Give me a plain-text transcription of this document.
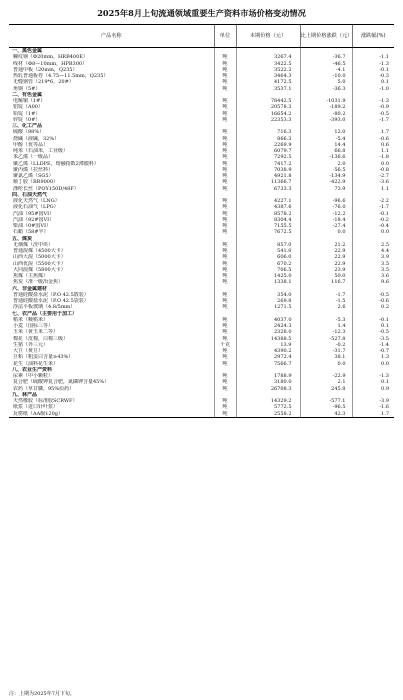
2025年8月上旬流通领域重要生产资料市场价格变动情况
产品名称	单位	本期价格（元）	比上期价格涨跌（元）	涨跌幅(%)
一、黑色金属				
螺纹钢（Φ20mm，HRB400E）	吨	3267.4	-36.7	-1.1
线材（Φ8—10mm，HPB300）	吨	3422.5	-46.5	-1.3
普通中板（20mm，Q235）	吨	3522.2	-4.1	-0.1
热轧普通板卷（4.75—11.5mm，Q235）	吨	3464.3	-10.0	-0.3
无缝钢管（219*6，20#）	吨	4172.5	5.0	0.1
角钢（5#）	吨	3537.1	-36.3	-1.0
二、有色金属				
电解铜（1#）	吨	78442.5	-1031.9	-1.3
铝锭（A00）	吨	20578.3	-189.2	-0.9
铅锭（1#）	吨	16654.2	-80.2	-0.5
锌锭（0#）	吨	22353.3	-393.0	-1.7
三、化工产品				
硫酸（98%）	吨	716.3	12.0	1.7
烧碱（液碱，32%）	吨	866.3	-5.4	-0.6
甲醇（优等品）	吨	2269.9	14.4	0.6
纯苯（石油苯，工业级）	吨	6079.7	66.8	1.1
苯乙烯（一级品）	吨	7292.5	-136.6	-1.8
聚乙烯（LLDPE，熔融指数2薄膜料）	吨	7417.2	2.0	0.0
聚丙烯（拉丝料）	吨	7038.9	-56.5	-0.8
聚氯乙烯（SG5）	吨	4921.8	-134.9	-2.7
顺丁胶（BR9000）	吨	11366.7	-422.9	-3.6
涤纶长丝（POY150D/48F）	吨	6733.3	73.9	1.1
四、石油天然气				
液化天然气（LNG）	吨	4227.1	-96.6	-2.2
液化石油气（LPG）	吨	4387.6	-76.0	-1.7
汽油（95#国VI）	吨	8578.2	-12.2	-0.1
汽油（92#国VI）	吨	8304.4	-18.4	-0.2
柴油（0#国VI）	吨	7155.5	-27.4	-0.4
石蜡（58#半）	吨	7672.5	0.0	0.0
五、煤炭				
无烟煤（洗中块）	吨	857.0	21.2	2.5
普通混煤（4500大卡）	吨	541.0	22.9	4.4
山西大混（5000大卡）	吨	606.0	22.9	3.9
山西优混（5500大卡）	吨	670.2	22.9	3.5
大同混煤（5800大卡）	吨	706.5	23.9	3.5
焦煤（主焦煤）	吨	1425.0	50.0	3.6
焦炭（准一级冶金焦）	吨	1338.1	116.7	9.6
六、非金属建材				
普通硅酸盐水泥（P.O 42.5散装）	吨	354.0	-1.7	-0.5
普通硅酸盐水泥（P.O 42.5袋装）	吨	269.8	-1.5	-0.6
浮法平板玻璃（4.8/5mm）	吨	1271.5	2.6	0.2
七、农产品（主要用于加工）				
稻米（粳稻米）	吨	4037.0	-5.3	-0.1
小麦（国标三等）	吨	2424.3	1.4	0.1
玉米（黄玉米二等）	吨	2328.0	-12.3	-0.5
棉花（皮棉，白棉三级）	吨	14388.5	-527.8	-3.5
生猪（外三元）	千克	13.9	-0.2	-1.4
大豆（黄豆）	吨	4390.2	-31.7	-0.7
豆粕（粗蛋白含量≥43%）	吨	2972.4	38.1	1.3
花生（油料花生米）	吨	7566.7	0.0	0.0
八、农业生产资料				
尿素（中小颗粒）	吨	1788.9	-22.9	-1.3
复合肥（硫酸钾复合肥，氮磷钾含量45%）	吨	3180.0	2.1	0.1
农药（草甘膦，95%原药）	吨	26708.3	245.8	0.9
九、林产品				
天然橡胶（标准胶SCRWF）	吨	14329.2	-577.1	-3.9
纸浆（进口针叶浆）	吨	5772.5	-96.5	-1.6
瓦楞纸（AA级120g）	吨	2558.2	42.3	1.7
注：上期为2025年7月下旬。
